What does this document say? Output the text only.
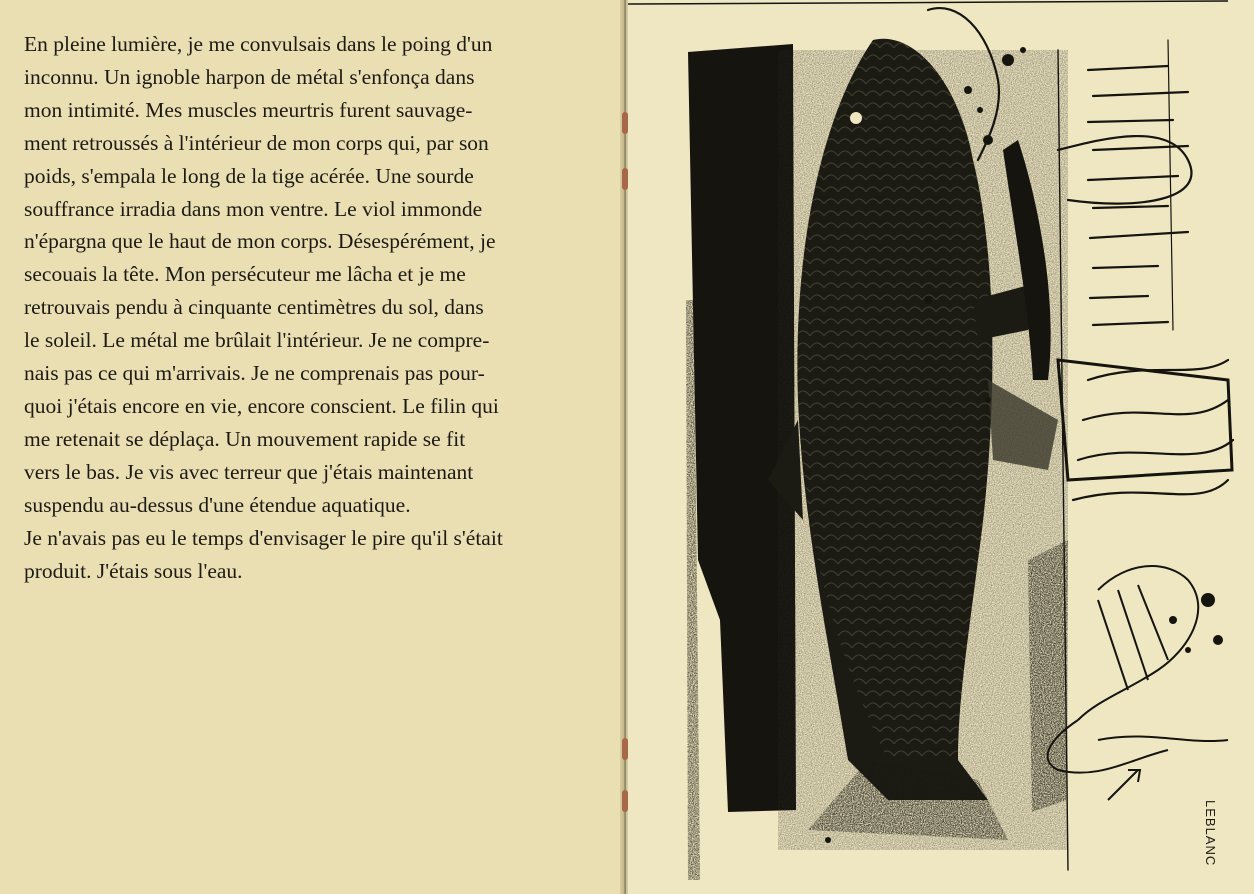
En pleine lumière, je me convulsais dans le poing d'un
inconnu. Un ignoble harpon de métal s'enfonça dans
mon intimité. Mes muscles meurtris furent sauvage-
ment retroussés à l'intérieur de mon corps qui, par son
poids, s'empala le long de la tige acérée. Une sourde
souffrance irradia dans mon ventre. Le viol immonde
n'épargna que le haut de mon corps. Désespérément, je
secouais la tête. Mon persécuteur me lâcha et je me
retrouvais pendu à cinquante centimètres du sol, dans
le soleil. Le métal me brûlait l'intérieur. Je ne compre-
nais pas ce qui m'arrivais. Je ne comprenais pas pour-
quoi j'étais encore en vie, encore conscient. Le filin qui
me retenait se déplaça. Un mouvement rapide se fit
vers le bas. Je vis avec terreur que j'étais maintenant
suspendu au-dessus d'une étendue aquatique.
Je n'avais pas eu le temps d'envisager le pire qu'il s'était
produit. J'étais sous l'eau.

LEBLANC
